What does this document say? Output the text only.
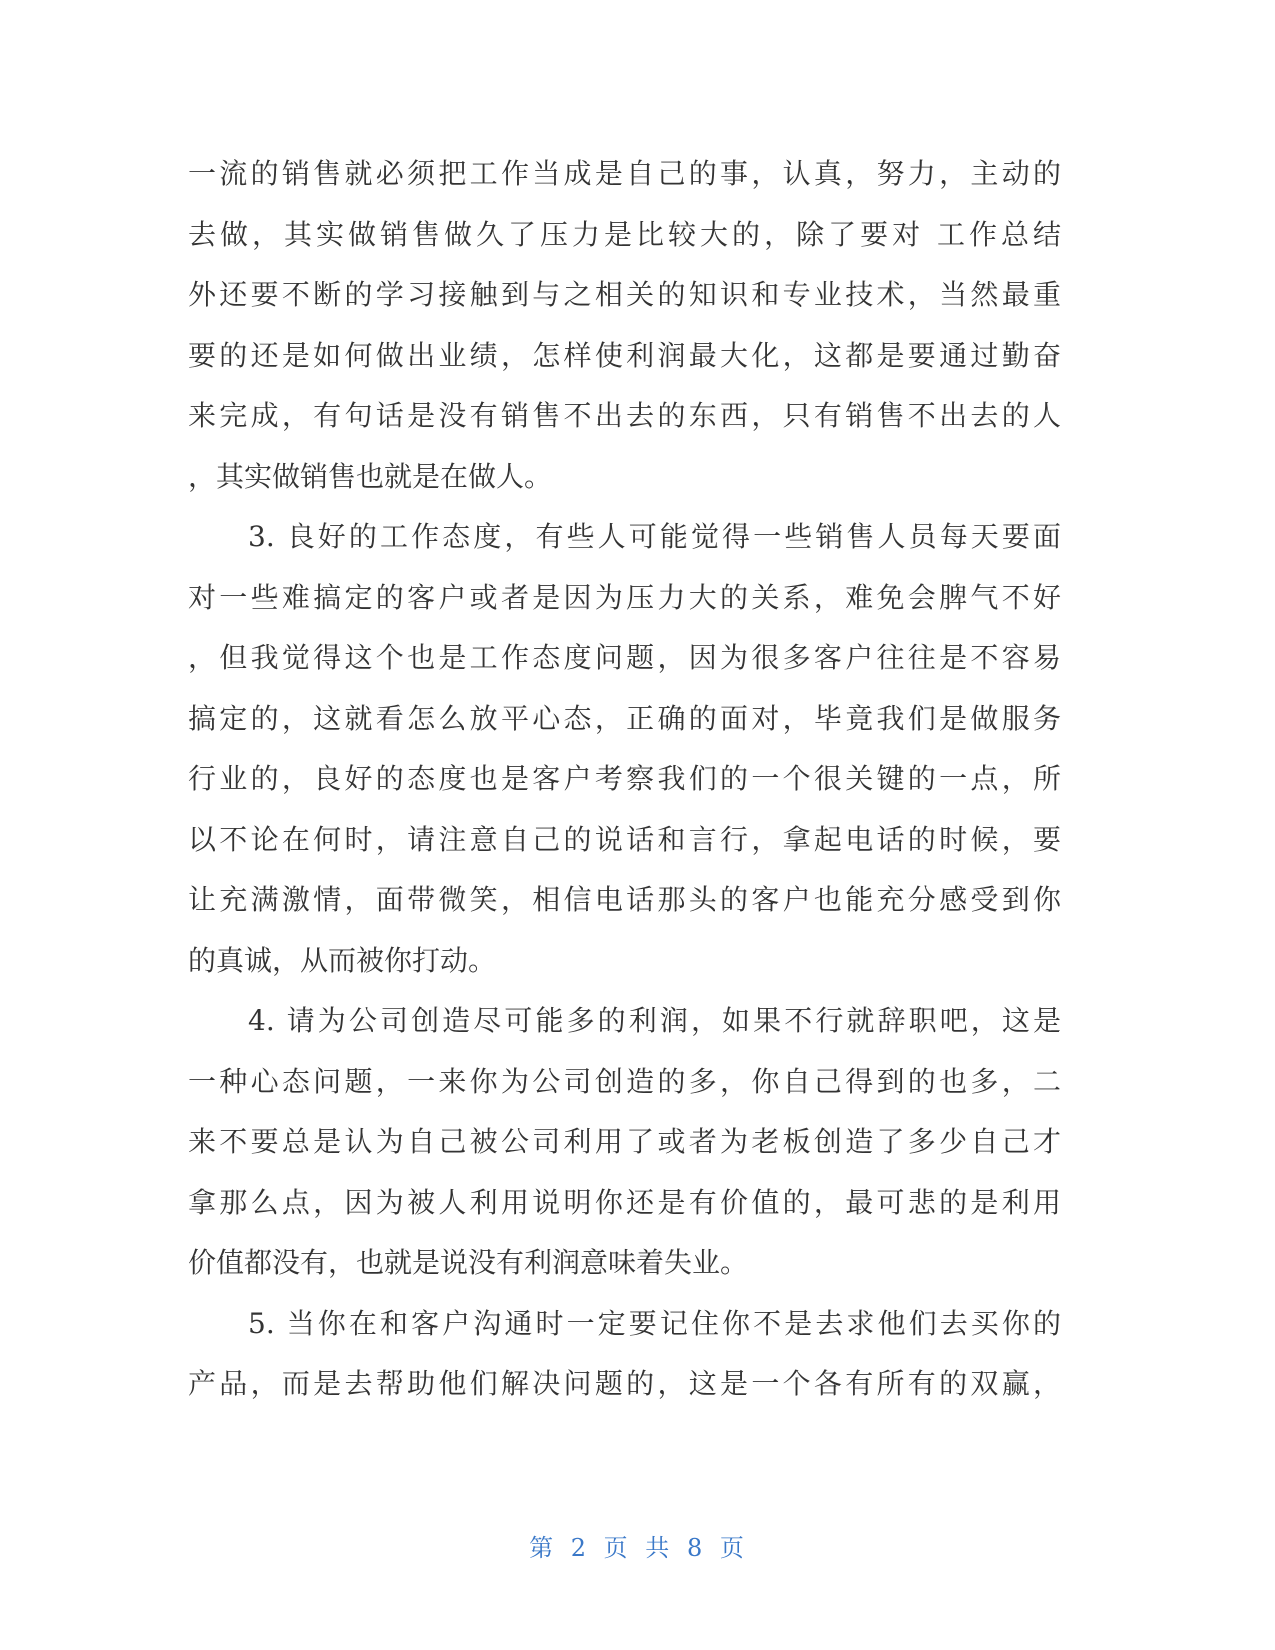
一流的销售就必须把工作当成是自己的事，认真，努力，主动的
去做，其实做销售做久了压力是比较大的，除了要对 工作总结
外还要不断的学习接触到与之相关的知识和专业技术，当然最重
要的还是如何做出业绩，怎样使利润最大化，这都是要通过勤奋
来完成，有句话是没有销售不出去的东西，只有销售不出去的人
，其实做销售也就是在做人。
3. 良好的工作态度，有些人可能觉得一些销售人员每天要面
对一些难搞定的客户或者是因为压力大的关系，难免会脾气不好
，但我觉得这个也是工作态度问题，因为很多客户往往是不容易
搞定的，这就看怎么放平心态，正确的面对，毕竟我们是做服务
行业的，良好的态度也是客户考察我们的一个很关键的一点，所
以不论在何时，请注意自己的说话和言行，拿起电话的时候，要
让充满激情，面带微笑，相信电话那头的客户也能充分感受到你
的真诚，从而被你打动。
4. 请为公司创造尽可能多的利润，如果不行就辞职吧，这是
一种心态问题，一来你为公司创造的多，你自己得到的也多，二
来不要总是认为自己被公司利用了或者为老板创造了多少自己才
拿那么点，因为被人利用说明你还是有价值的，最可悲的是利用
价值都没有，也就是说没有利润意味着失业。
5. 当你在和客户沟通时一定要记住你不是去求他们去买你的
产品，而是去帮助他们解决问题的，这是一个各有所有的双赢，
第 2 页 共 8 页
